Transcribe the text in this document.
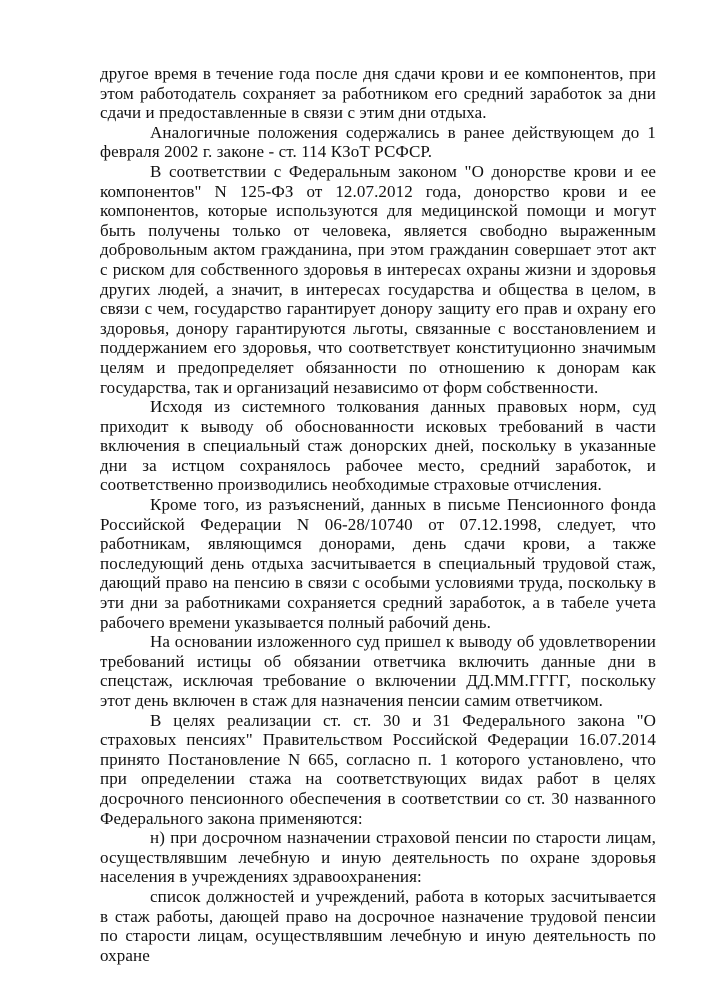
другое время в течение года после дня сдачи крови и ее компонентов, при этом работодатель сохраняет за работником его средний заработок за дни сдачи и предоставленные в связи с этим дни отдыха.

Аналогичные положения содержались в ранее действующем до 1 февраля 2002 г. законе - ст. 114 КЗоТ РСФСР.

В соответствии с Федеральным законом "О донорстве крови и ее компонентов" N 125-ФЗ от 12.07.2012 года, донорство крови и ее компонентов, которые используются для медицинской помощи и могут быть получены только от человека, является свободно выраженным добровольным актом гражданина, при этом гражданин совершает этот акт с риском для собственного здоровья в интересах охраны жизни и здоровья других людей, а значит, в интересах государства и общества в целом, в связи с чем, государство гарантирует донору защиту его прав и охрану его здоровья, донору гарантируются льготы, связанные с восстановлением и поддержанием его здоровья, что соответствует конституционно значимым целям и предопределяет обязанности по отношению к донорам как государства, так и организаций независимо от форм собственности.

Исходя из системного толкования данных правовых норм, суд приходит к выводу об обоснованности исковых требований в части включения в специальный стаж донорских дней, поскольку в указанные дни за истцом сохранялось рабочее место, средний заработок, и соответственно производились необходимые страховые отчисления.

Кроме того, из разъяснений, данных в письме Пенсионного фонда Российской Федерации N 06-28/10740 от 07.12.1998, следует, что работникам, являющимся донорами, день сдачи крови, а также последующий день отдыха засчитывается в специальный трудовой стаж, дающий право на пенсию в связи с особыми условиями труда, поскольку в эти дни за работниками сохраняется средний заработок, а в табеле учета рабочего времени указывается полный рабочий день.

На основании изложенного суд пришел к выводу об удовлетворении требований истицы об обязании ответчика включить данные дни в спецстаж, исключая требование о включении ДД.ММ.ГГГГ, поскольку этот день включен в стаж для назначения пенсии самим ответчиком.

В целях реализации ст. ст. 30 и 31 Федерального закона "О страховых пенсиях" Правительством Российской Федерации 16.07.2014 принято Постановление N 665, согласно п. 1 которого установлено, что при определении стажа на соответствующих видах работ в целях досрочного пенсионного обеспечения в соответствии со ст. 30 названного Федерального закона применяются:

н) при досрочном назначении страховой пенсии по старости лицам, осуществлявшим лечебную и иную деятельность по охране здоровья населения в учреждениях здравоохранения:

список должностей и учреждений, работа в которых засчитывается в стаж работы, дающей право на досрочное назначение трудовой пенсии по старости лицам, осуществлявшим лечебную и иную деятельность по охране
